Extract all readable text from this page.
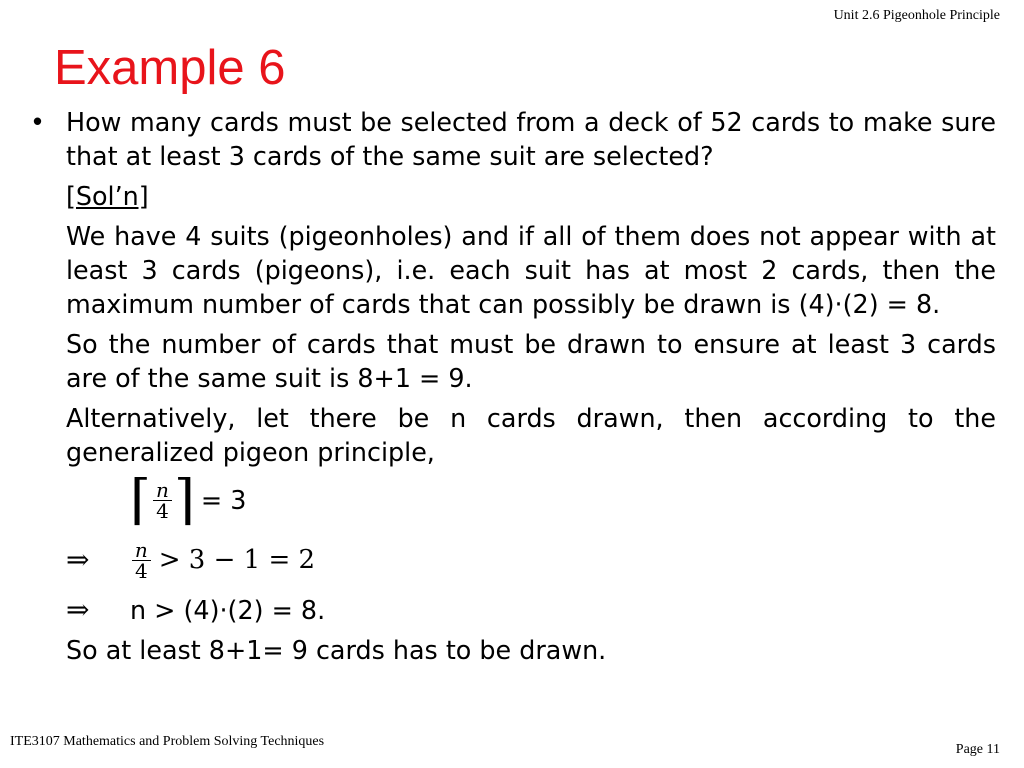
Unit 2.6 Pigeonhole Principle
Example 6
• How many cards must be selected from a deck of 52 cards to make sure that at least 3 cards of the same suit are selected?
[Sol’n]
We have 4 suits (pigeonholes) and if all of them does not appear with at least 3 cards (pigeons), i.e. each suit has at most 2 cards, then the maximum number of cards that can possibly be drawn is (4)·(2) = 8.
So the number of cards that must be drawn to ensure at least 3 cards are of the same suit is 8+1 = 9.
Alternatively, let there be n cards drawn, then according to the generalized pigeon principle,
⌈ $\frac{n}{4}$ ⌉ = 3
⇒	$\frac{n}{4} > 3 - 1 = 2$
⇒	n > (4)·(2) = 8.
So at least 8+1= 9 cards has to be drawn.
ITE3107 Mathematics and Problem Solving Techniques
Page 11
